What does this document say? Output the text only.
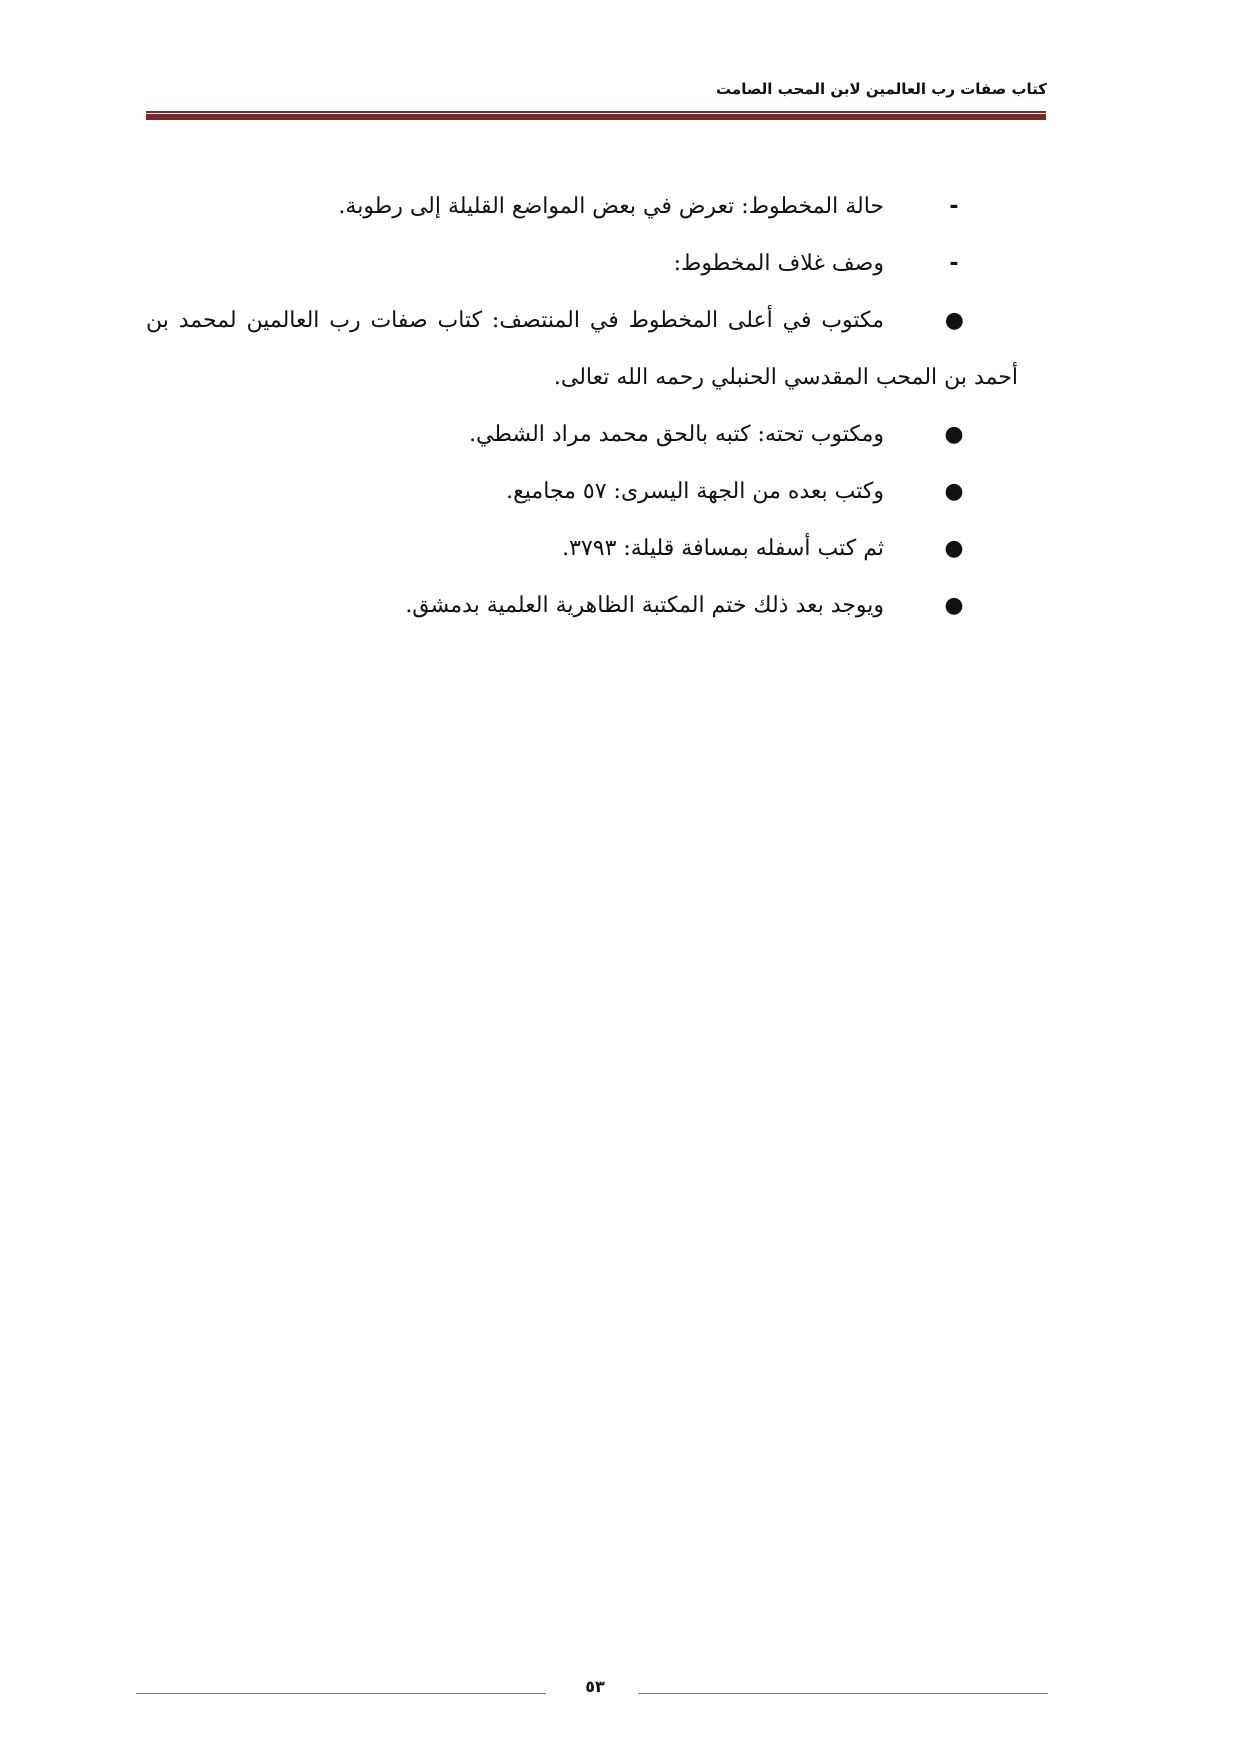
كتاب صفات رب العالمين لابن المحب الصامت

-
حالة المخطوط: تعرض في بعض المواضع القليلة إلى رطوبة.

-
وصف غلاف المخطوط:

●
مكتوب في أعلى المخطوط في المنتصف: كتاب صفات رب العالمين لمحمد بن
أحمد بن المحب المقدسي الحنبلي رحمه الله تعالى.

●
ومكتوب تحته: كتبه بالحق محمد مراد الشطي.

●
وكتب بعده من الجهة اليسرى: ٥٧ مجاميع.

●
ثم كتب أسفله بمسافة قليلة: ٣٧٩٣.

●
ويوجد بعد ذلك ختم المكتبة الظاهرية العلمية بدمشق.

٥٣
